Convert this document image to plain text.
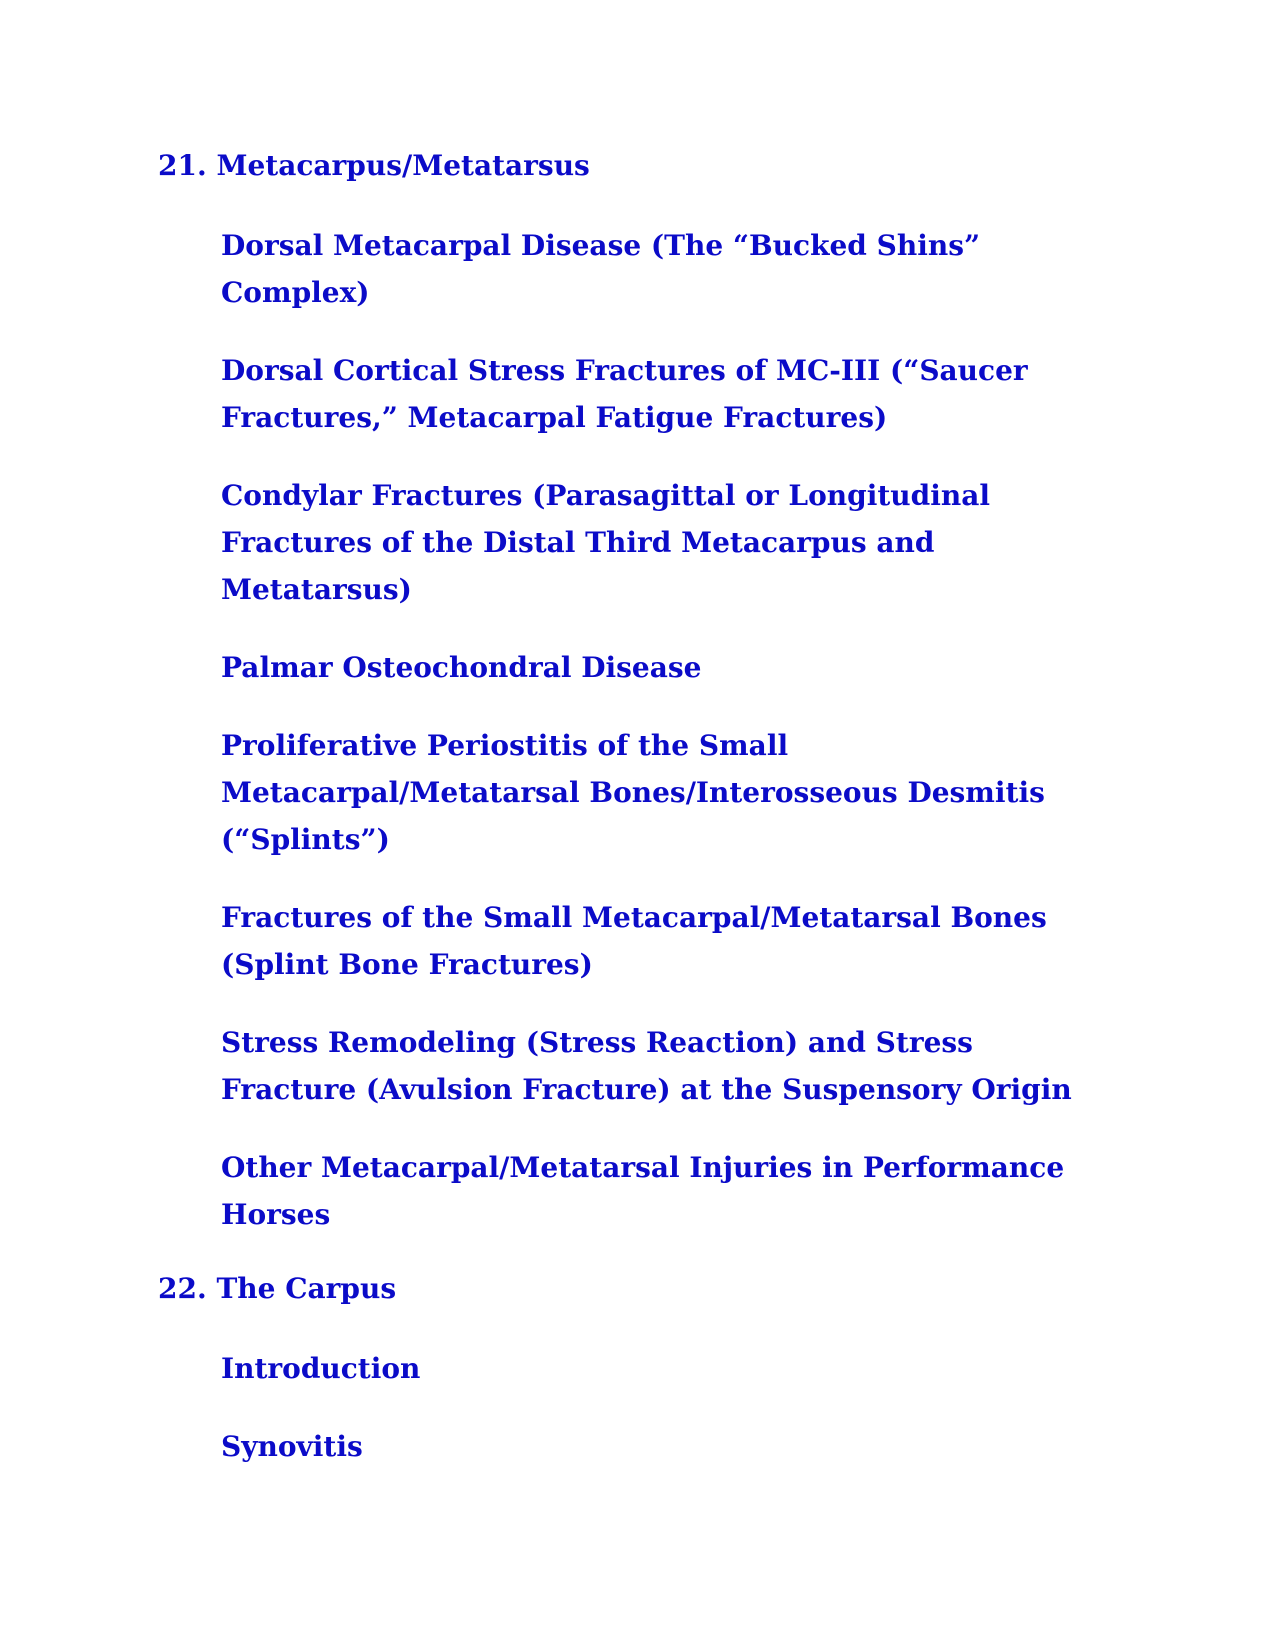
21. Metacarpus/Metatarsus
Dorsal Metacarpal Disease (The “Bucked Shins” Complex)
Dorsal Cortical Stress Fractures of MC-III (“Saucer Fractures,” Metacarpal Fatigue Fractures)
Condylar Fractures (Parasagittal or Longitudinal Fractures of the Distal Third Metacarpus and Metatarsus)
Palmar Osteochondral Disease
Proliferative Periostitis of the Small Metacarpal/Metatarsal Bones/Interosseous Desmitis (“Splints”)
Fractures of the Small Metacarpal/Metatarsal Bones (Splint Bone Fractures)
Stress Remodeling (Stress Reaction) and Stress Fracture (Avulsion Fracture) at the Suspensory Origin
Other Metacarpal/Metatarsal Injuries in Performance Horses
22. The Carpus
Introduction
Synovitis
